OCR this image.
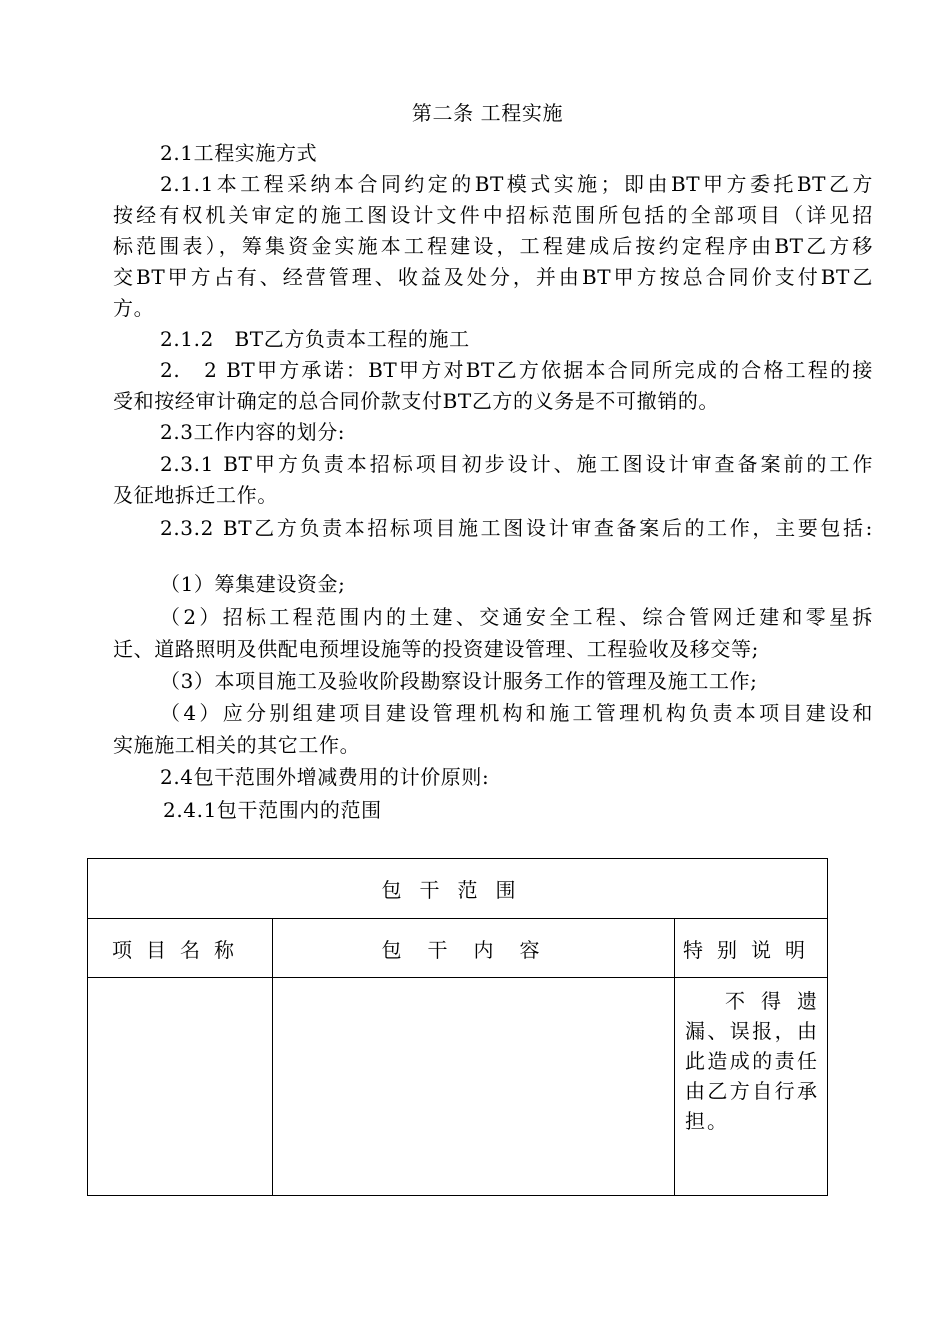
第二条 工程实施
2.1工程实施方式
2.1.1本工程采纳本合同约定的BT模式实施；即由BT甲方委托BT乙方
按经有权机关审定的施工图设计文件中招标范围所包括的全部项目（详见招
标范围表），筹集资金实施本工程建设，工程建成后按约定程序由BT乙方移
交BT甲方占有、经营管理、收益及处分，并由BT甲方按总合同价支付BT乙
方。
2.1.2　BT乙方负责本工程的施工
2.　2 BT甲方承诺：BT甲方对BT乙方依据本合同所完成的合格工程的接
受和按经审计确定的总合同价款支付BT乙方的义务是不可撤销的。
2.3工作内容的划分:
2.3.1 BT甲方负责本招标项目初步设计、施工图设计审查备案前的工作
及征地拆迁工作。
2.3.2 BT乙方负责本招标项目施工图设计审查备案后的工作，主要包括:
（1）筹集建设资金;
（2）招标工程范围内的土建、交通安全工程、综合管网迁建和零星拆
迁、道路照明及供配电预埋设施等的投资建设管理、工程验收及移交等;
（3）本项目施工及验收阶段勘察设计服务工作的管理及施工工作;
（4）应分别组建项目建设管理机构和施工管理机构负责本项目建设和
实施施工相关的其它工作。
2.4包干范围外增减费用的计价原则:
2.4.1包干范围内的范围
包干范围		
项目名称	包干内容	特别说明
		不得遗漏、误报，由此造成的责任由乙方自行承担。
